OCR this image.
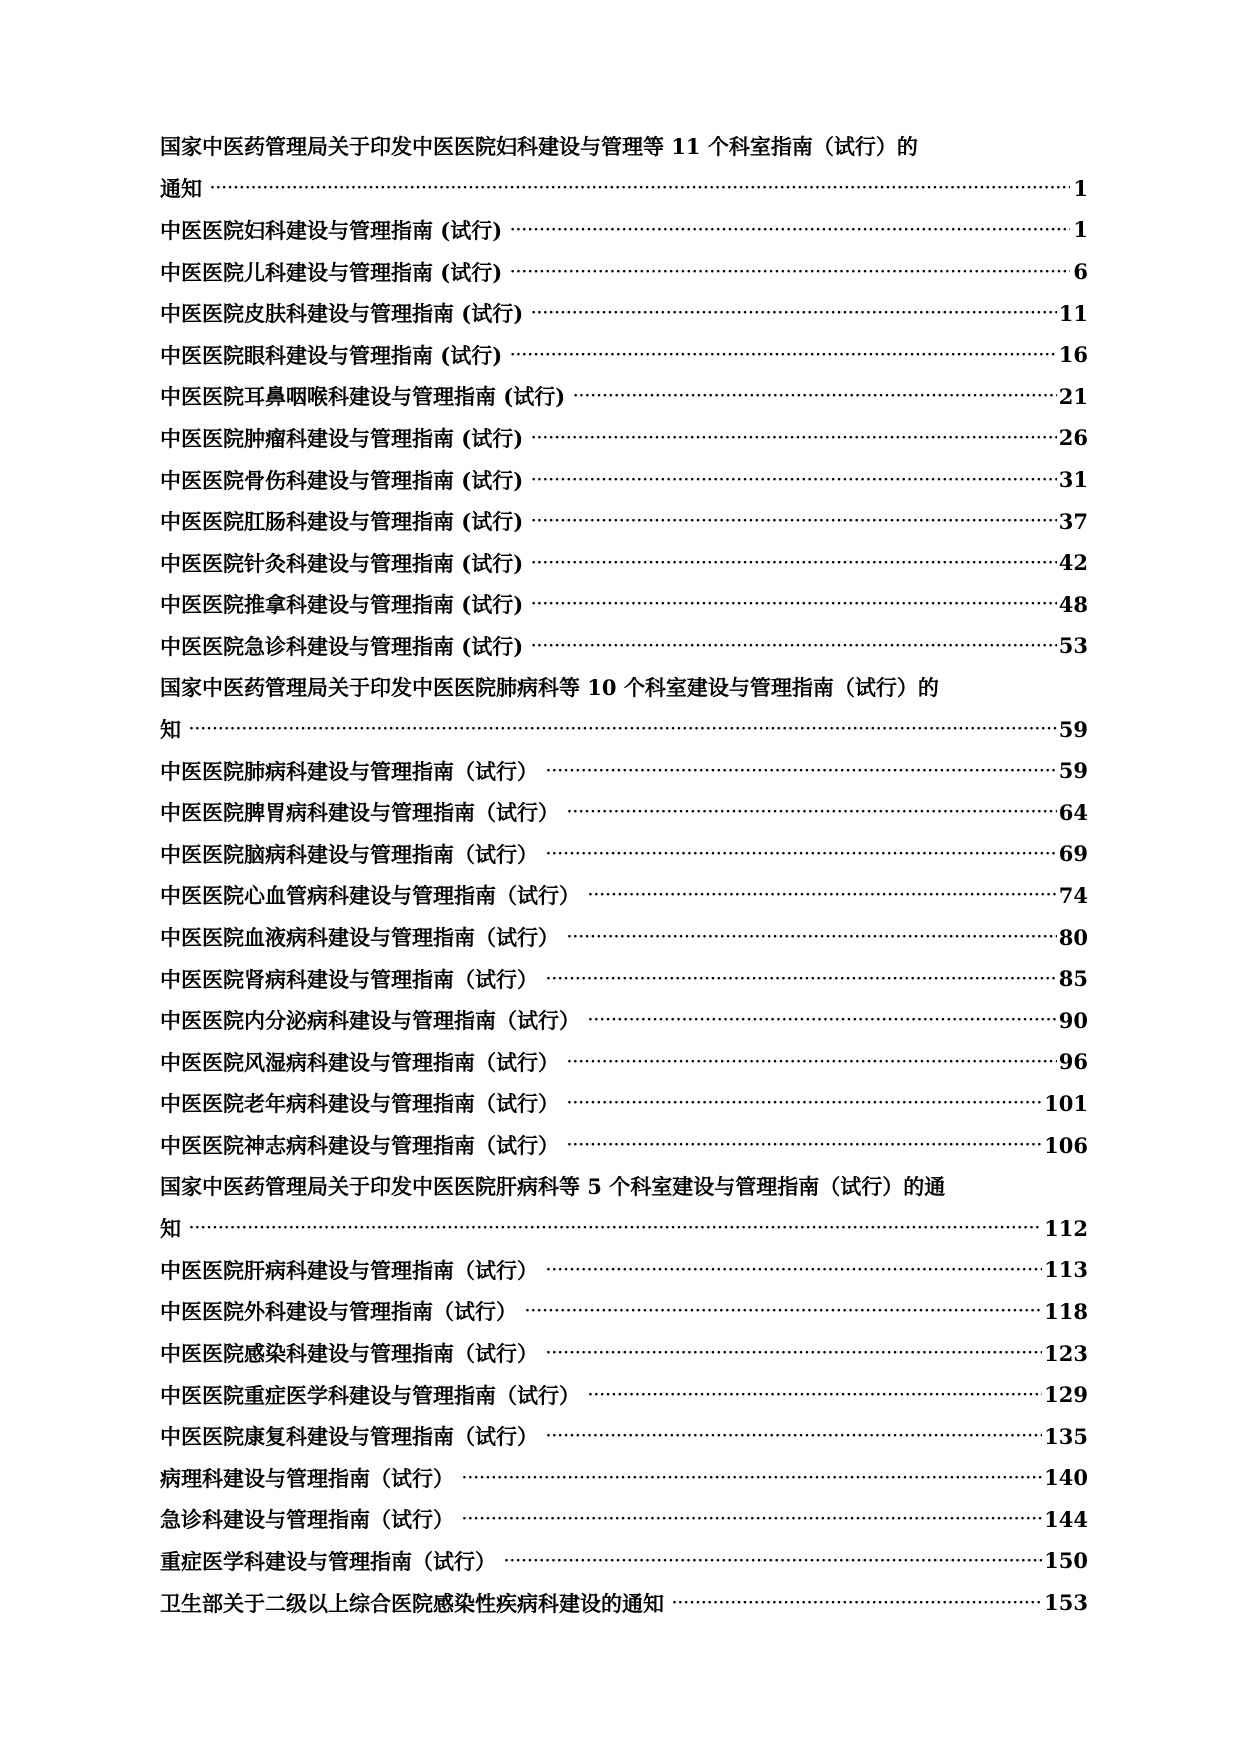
国家中医药管理局关于印发中医医院妇科建设与管理等 11 个科室指南（试行）的
通知 ·····	1
中医医院妇科建设与管理指南 (试行) ·····	1
中医医院儿科建设与管理指南 (试行) ·····	6
中医医院皮肤科建设与管理指南 (试行) ·····	11
中医医院眼科建设与管理指南 (试行) ·····	16
中医医院耳鼻咽喉科建设与管理指南 (试行) ·····	21
中医医院肿瘤科建设与管理指南 (试行) ·····	26
中医医院骨伤科建设与管理指南 (试行) ·····	31
中医医院肛肠科建设与管理指南 (试行) ·····	37
中医医院针灸科建设与管理指南 (试行) ·····	42
中医医院推拿科建设与管理指南 (试行) ·····	48
中医医院急诊科建设与管理指南 (试行) ·····	53
国家中医药管理局关于印发中医医院肺病科等 10 个科室建设与管理指南（试行）的
知 ·····	59
中医医院肺病科建设与管理指南（试行） ·····	59
中医医院脾胃病科建设与管理指南（试行） ·····	64
中医医院脑病科建设与管理指南（试行） ·····	69
中医医院心血管病科建设与管理指南（试行） ·····	74
中医医院血液病科建设与管理指南（试行） ·····	80
中医医院肾病科建设与管理指南（试行） ·····	85
中医医院内分泌病科建设与管理指南（试行） ·····	90
中医医院风湿病科建设与管理指南（试行） ·····	96
中医医院老年病科建设与管理指南（试行） ·····	101
中医医院神志病科建设与管理指南（试行） ·····	106
国家中医药管理局关于印发中医医院肝病科等 5 个科室建设与管理指南（试行）的通
知 ·····	112
中医医院肝病科建设与管理指南（试行） ·····	113
中医医院外科建设与管理指南（试行） ·····	118
中医医院感染科建设与管理指南（试行） ·····	123
中医医院重症医学科建设与管理指南（试行） ·····	129
中医医院康复科建设与管理指南（试行） ·····	135
病理科建设与管理指南（试行） ·····	140
急诊科建设与管理指南（试行） ·····	144
重症医学科建设与管理指南（试行） ·····	150
卫生部关于二级以上综合医院感染性疾病科建设的通知 ·····	153
